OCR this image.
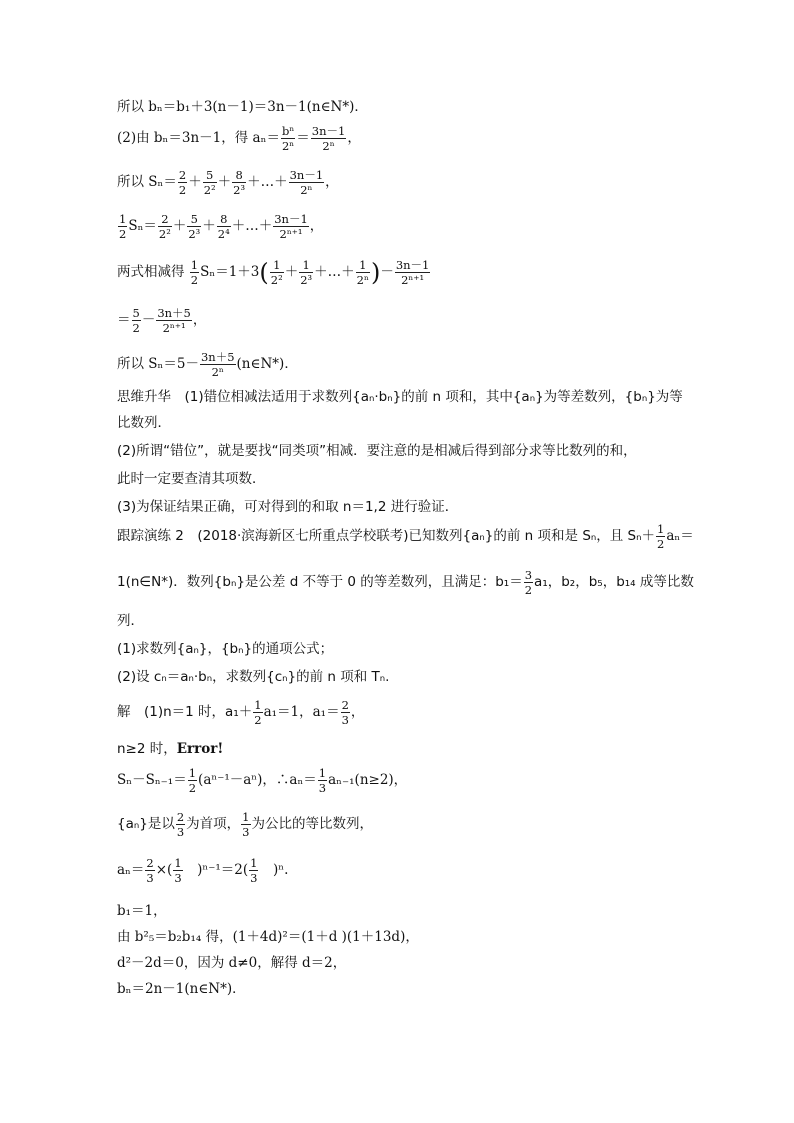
所以 bₙ＝b₁＋3(n－1)＝3n－1(n∈N*)．
(2)由 bₙ＝3n－1，得 $a_n= \frac{\text{bⁿ}}{\text{2ⁿ}} = \frac{3n-1}{\text{2ⁿ}}$ ，
所以 $S_n= \frac{2}{2} + \frac{5}{\text{2²}} + \frac{8}{\text{2³}}$ ＋…＋ $\frac{3n-1}{\text{2ⁿ}}$ ，
$\frac{1}{2} S_n= \frac{2}{\text{2²}} + \frac{5}{\text{2³}} + \frac{8}{\text{2⁴}}$ ＋…＋ $\frac{3n-1}{\text{2ⁿ⁺¹}}$ ，
两式相减得 $\frac{1}{2} S_n=1+3( \frac{1}{\text{2²}} + \frac{1}{\text{2³}}$ ＋…＋ $\frac{1}{\text{2ⁿ}}$ )－ $\frac{3n-1}{\text{2ⁿ⁺¹}}$
＝ $\frac{5}{2} - \frac{3n+5}{\text{2ⁿ⁺¹}}$ ，
所以 $S_n=5- \frac{3n+5}{\text{2ⁿ}}$ (n∈N*)．
思维升华　(1)错位相减法适用于求数列{aₙ·bₙ}的前 n 项和，其中{aₙ}为等差数列，{bₙ}为等
比数列．
(2)所谓“错位”，就是要找“同类项”相减．要注意的是相减后得到部分求等比数列的和，
此时一定要查清其项数．
(3)为保证结果正确，可对得到的和取 n＝1,2 进行验证．
跟踪演练 2　(2018·滨海新区七所重点学校联考)已知数列{aₙ}的前 n 项和是 Sₙ，且 $S_n+ \frac{1}{2} a_n=$
1(n∈N*)．数列{bₙ}是公差 d 不等于 0 的等差数列，且满足：$b_1= \frac{3}{2} a_1$，b₂，b₅，b₁₄ 成等比数
列．
(1)求数列{aₙ}，{bₙ}的通项公式；
(2)设 cₙ＝aₙ·bₙ，求数列{cₙ}的前 n 项和 Tₙ.
解　(1)n＝1 时，$a_1+ \frac{1}{2} a_1=1$，$a_1= \frac{2}{3}$ ，
n≥2 时，Error!
$S_n-S_{n-1}= \frac{1}{2} (a^{n-1}-a^n)$，∴aₙ＝ $\frac{1}{3} a_{n-1}(n\ge 2)$，
{aₙ}是以 $\frac{2}{3}$ 为首项， $\frac{1}{3}$ 为公比的等比数列，
$a_n= \frac{2}{3}$ ×( $\frac{1}{3}$ 　)$^{n-1}=2( \frac{1}{3}$ 　)ⁿ.
b₁＝1，
由 b²₅＝b₂b₁₄ 得，(1＋4d)²＝(1＋d )(1＋13d)，
d²－2d＝0，因为 d≠0，解得 d＝2，
bₙ＝2n－1(n∈N*)．
